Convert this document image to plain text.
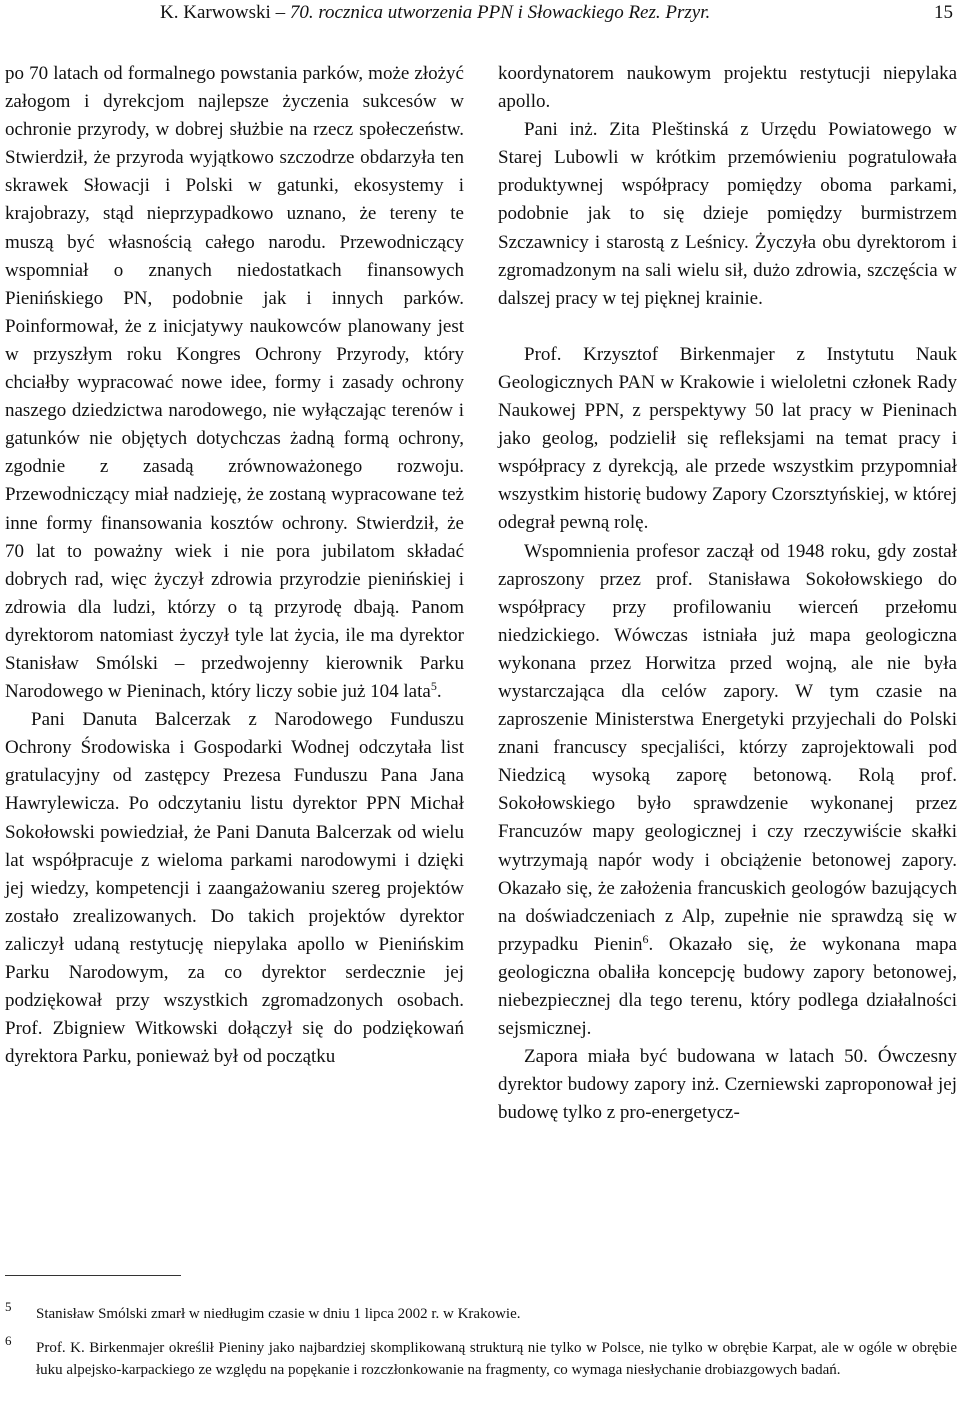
K. Karwowski – 70. rocznica utworzenia PPN i Słowackiego Rez. Przyr.	15

po 70 latach od formalnego powstania parków, może złożyć załogom i dyrekcjom najlepsze życzenia sukcesów w ochronie przyrody, w dobrej służbie na rzecz społeczeństw. Stwierdził, że przyroda wyjątkowo szczodrze obdarzyła ten skrawek Słowacji i Polski w gatunki, ekosystemy i krajobrazy, stąd nieprzypadkowo uznano, że tereny te muszą być własnością całego narodu. Przewodniczący wspomniał o znanych niedostatkach finansowych Pienińskiego PN, podobnie jak i innych parków. Poinformował, że z inicjatywy naukowców planowany jest w przyszłym roku Kongres Ochrony Przyrody, który chciałby wypracować nowe idee, formy i zasady ochrony naszego dziedzictwa narodowego, nie wyłączając terenów i gatunków nie objętych dotychczas żadną formą ochrony, zgodnie z zasadą zrównoważonego rozwoju. Przewodniczący miał nadzieję, że zostaną wypracowane też inne formy finansowania kosztów ochrony. Stwierdził, że 70 lat to poważny wiek i nie pora jubilatom składać dobrych rad, więc życzył zdrowia przyrodzie pienińskiej i zdrowia dla ludzi, którzy o tą przyrodę dbają. Panom dyrektorom natomiast życzył tyle lat życia, ile ma dyrektor Stanisław Smólski – przedwojenny kierownik Parku Narodowego w Pieninach, który liczy sobie już 104 lata$^5$.

Pani Danuta Balcerzak z Narodowego Funduszu Ochrony Środowiska i Gospodarki Wodnej odczytała list gratulacyjny od zastępcy Prezesa Funduszu Pana Jana Hawrylewicza. Po odczytaniu listu dyrektor PPN Michał Sokołowski powiedział, że Pani Danuta Balcerzak od wielu lat współpracuje z wieloma parkami narodowymi i dzięki jej wiedzy, kompetencji i zaangażowaniu szereg projektów zostało zrealizowanych. Do takich projektów dyrektor zaliczył udaną restytucję niepylaka apollo w Pienińskim Parku Narodowym, za co dyrektor serdecznie jej podziękował przy wszystkich zgromadzonych osobach. Prof. Zbigniew Witkowski dołączył się do podziękowań dyrektora Parku, ponieważ był od początku

koordynatorem naukowym projektu restytucji niepylaka apollo.

Pani inż. Zita Pleštinská z Urzędu Powiatowego w Starej Lubowli w krótkim przemówieniu pogratulowała produktywnej współpracy pomiędzy oboma parkami, podobnie jak to się dzieje pomiędzy burmistrzem Szczawnicy i starostą z Leśnicy. Życzyła obu dyrektorom i zgromadzonym na sali wielu sił, dużo zdrowia, szczęścia w dalszej pracy w tej pięknej krainie.

Prof. Krzysztof Birkenmajer z Instytutu Nauk Geologicznych PAN w Krakowie i wieloletni członek Rady Naukowej PPN, z perspektywy 50 lat pracy w Pieninach jako geolog, podzielił się refleksjami na temat pracy i współpracy z dyrekcją, ale przede wszystkim przypomniał wszystkim historię budowy Zapory Czorsztyńskiej, w której odegrał pewną rolę.

Wspomnienia profesor zaczął od 1948 roku, gdy został zaproszony przez prof. Stanisława Sokołowskiego do współpracy przy profilowaniu wierceń przełomu niedzickiego. Wówczas istniała już mapa geologiczna wykonana przez Horwitza przed wojną, ale nie była wystarczająca dla celów zapory. W tym czasie na zaproszenie Ministerstwa Energetyki przyjechali do Polski znani francuscy specjaliści, którzy zaprojektowali pod Niedzicą wysoką zaporę betonową. Rolą prof. Sokołowskiego było sprawdzenie wykonanej przez Francuzów mapy geologicznej i czy rzeczywiście skałki wytrzymają napór wody i obciążenie betonowej zapory. Okazało się, że założenia francuskich geologów bazujących na doświadczeniach z Alp, zupełnie nie sprawdzą się w przypadku Pienin$^6$. Okazało się, że wykonana mapa geologiczna obaliła koncepcję budowy zapory betonowej, niebezpiecznej dla tego terenu, który podlega działalności sejsmicznej.

Zapora miała być budowana w latach 50. Ówczesny dyrektor budowy zapory inż. Czerniewski zaproponował jej budowę tylko z pro-energetycz-

5 Stanisław Smólski zmarł w niedługim czasie w dniu 1 lipca 2002 r. w Krakowie.
6 Prof. K. Birkenmajer określił Pieniny jako najbardziej skomplikowaną strukturą nie tylko w Polsce, nie tylko w obrębie Karpat, ale w ogóle w obrębie łuku alpejsko-karpackiego ze względu na popękanie i rozczłonkowanie na fragmenty, co wymaga niesłychanie drobiazgowych badań.
